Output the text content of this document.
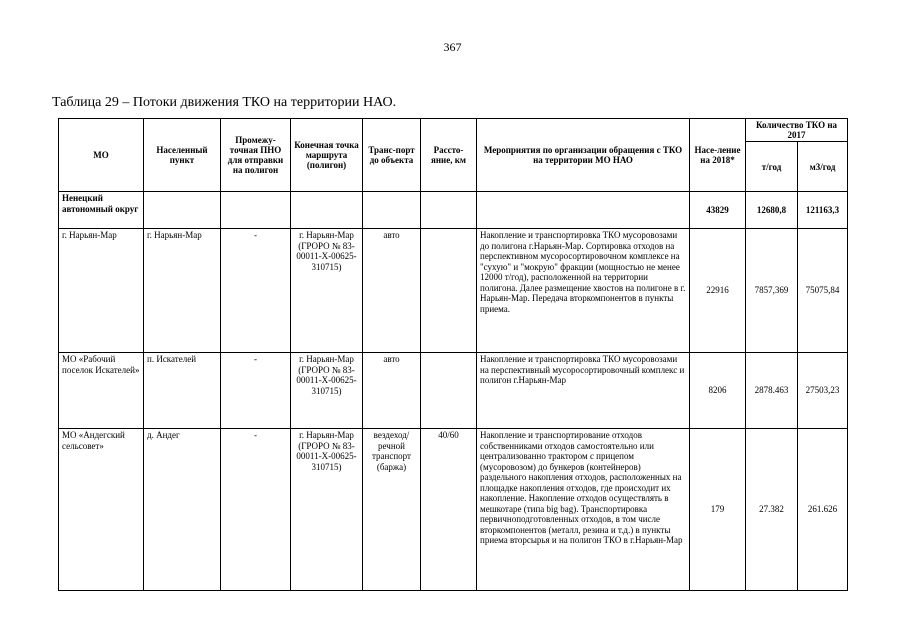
367
Таблица 29 – Потоки движения ТКО на территории НАО.
МО	Населенный пункт	Промежу-точная ПНО для отправки на полигон	Конечная точка маршрута (полигон)	Транс-порт до объекта	Рассто-яние, км	Мероприятия по организации обращения с ТКО на территории МО НАО	Насе-ление на 2018*	Количество ТКО на 2017	
								т/год	м3/год
Ненецкий автономный округ							43829	12680,8	121163,3
г. Нарьян-Мар	г. Нарьян-Мар	-	г. Нарьян-Мар (ГРОРО № 83-00011-Х-00625-310715)	авто		Накопление и транспортировка ТКО мусоровозами до полигона г.Нарьян-Мар. Сортировка отходов на перспективном мусоросортировочном комплексе на "сухую" и "мокрую" фракции (мощностью не менее 12000 т/год), расположенной на территории полигона. Далее размещение хвостов на полигоне в г. Нарьян-Мар. Передача вторкомпонентов в пункты приема.	22916	7857,369	75075,84
МО «Рабочий поселок Искателей»	п. Искателей	-	г. Нарьян-Мар (ГРОРО № 83-00011-Х-00625-310715)	авто		Накопление и транспортировка ТКО мусоровозами на перспективный мусоросортировочный комплекс и полигон г.Нарьян-Мар	8206	2878.463	27503,23
МО «Андегский сельсовет»	д. Андег	-	г. Нарьян-Мар (ГРОРО № 83-00011-Х-00625-310715)	вездеход/ речной транспорт (баржа)	40/60	Накопление и транспортирование отходов собственниками отходов самостоятельно или централизованно трактором с прицепом (мусоровозом) до бункеров (контейнеров) раздельного накопления отходов, расположенных на площадке накопления отходов, где происходит их накопление. Накопление отходов осуществлять в мешкотаре (типа big bag). Транспортировка первичноподготовленных отходов, в том числе вторкомпонентов (металл, резина и т.д.) в пункты приема вторсырья и на полигон ТКО в г.Нарьян-Мар	179	27.382	261.626
